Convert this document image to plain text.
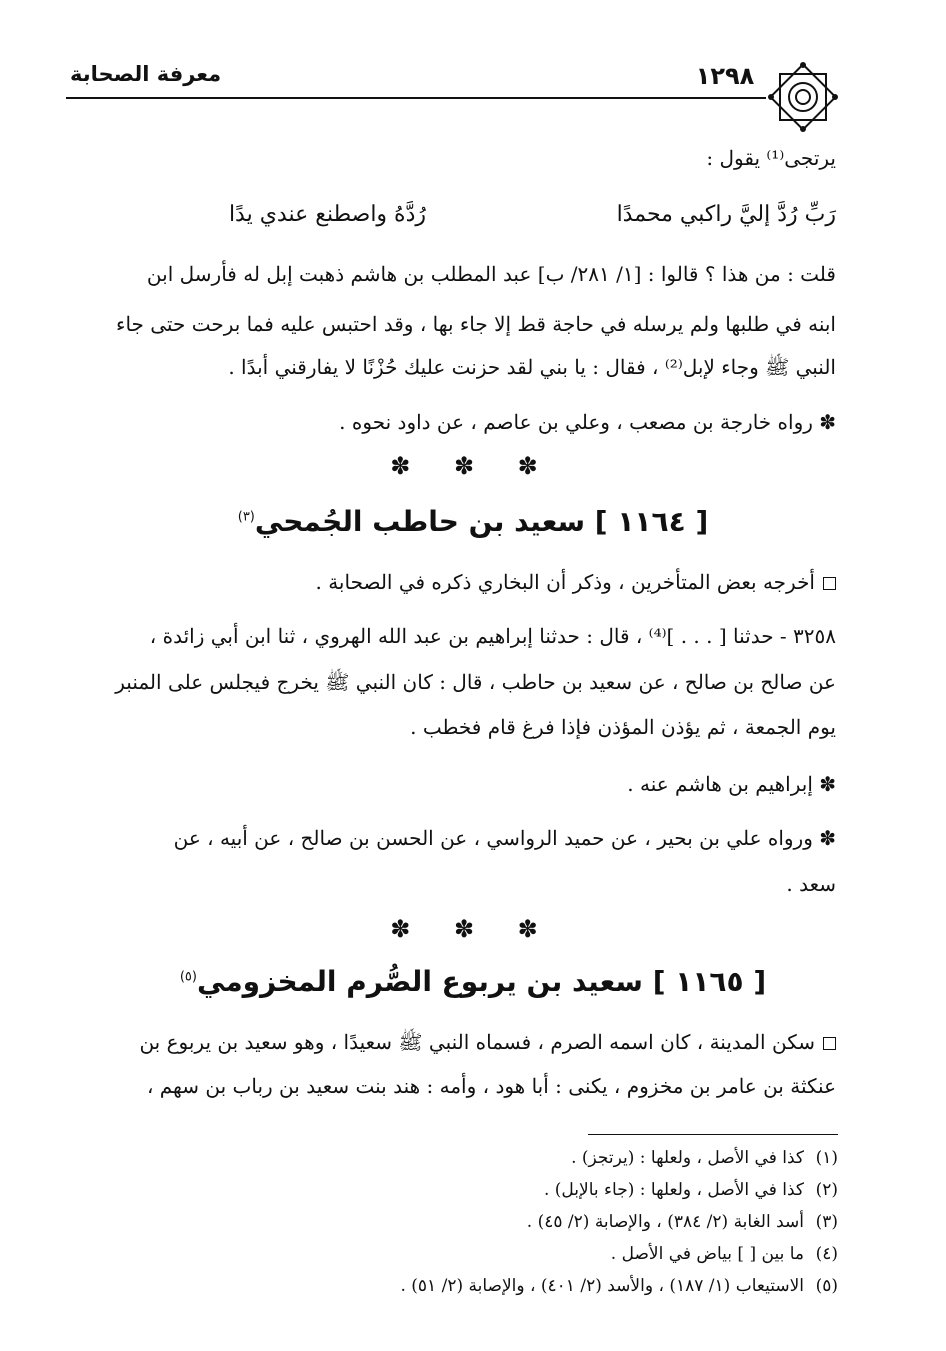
معرفة الصحابة	١٢٩٨
يرتجى⁽¹⁾ يقول :
رَبِّ رُدَّ إليَّ راكبي محمدًا
رُدَّهُ واصطنع عندي يدًا
قلت : من هذا ؟ قالوا : [١/ ٢٨١/ ب] عبد المطلب بن هاشم ذهبت إبل له فأرسل ابن
ابنه في طلبها ولم يرسله في حاجة قط إلا جاء بها ، وقد احتبس عليه فما برحت حتى جاء
النبي ﷺ وجاء لإبل⁽²⁾ ، فقال : يا بني لقد حزنت عليك حُزْنًا لا يفارقني أبدًا .
✽ رواه خارجة بن مصعب ، وعلي بن عاصم ، عن داود نحوه .
✽ ✽ ✽
[ ١١٦٤ ] سعيد بن حاطب الجُمحي$^{(٣)}$
أخرجه بعض المتأخرين ، وذكر أن البخاري ذكره في الصحابة .
٣٢٥٨ - حدثنا [ . . . ]⁽⁴⁾ ، قال : حدثنا إبراهيم بن عبد الله الهروي ، ثنا ابن أبي زائدة ،
عن صالح بن صالح ، عن سعيد بن حاطب ، قال : كان النبي ﷺ يخرج فيجلس على المنبر
يوم الجمعة ، ثم يؤذن المؤذن فإذا فرغ قام فخطب .
✽ إبراهيم بن هاشم عنه .
✽ ورواه علي بن بحير ، عن حميد الرواسي ، عن الحسن بن صالح ، عن أبيه ، عن
سعد .
✽ ✽ ✽
[ ١١٦٥ ] سعيد بن يربوع الصُّرم المخزومي$^{(٥)}$
سكن المدينة ، كان اسمه الصرم ، فسماه النبي ﷺ سعيدًا ، وهو سعيد بن يربوع بن
عنكثة بن عامر بن مخزوم ، يكنى : أبا هود ، وأمه : هند بنت سعيد بن رباب بن سهم ،
(١)كذا في الأصل ، ولعلها : (يرتجز) .
(٢)كذا في الأصل ، ولعلها : (جاء بالإبل) .
(٣)أسد الغابة (٢/ ٣٨٤) ، والإصابة (٢/ ٤٥) .
(٤)ما بين [ ] بياض في الأصل .
(٥)الاستيعاب (١/ ١٨٧) ، والأسد (٢/ ٤٠١) ، والإصابة (٢/ ٥١) .
